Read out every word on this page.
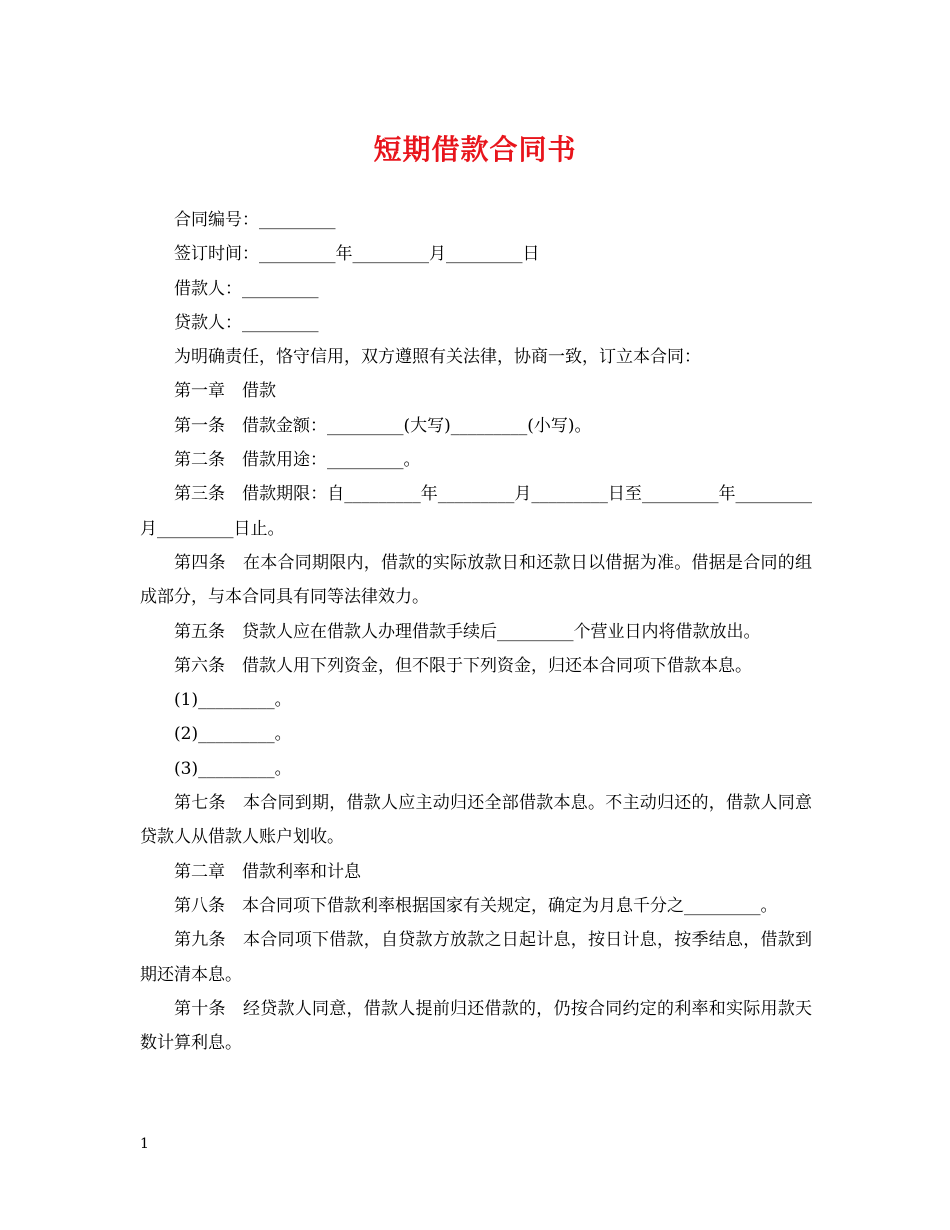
短期借款合同书

合同编号：_________

签订时间：_________年_________月_________日

借款人：_________

贷款人：_________

为明确责任，恪守信用，双方遵照有关法律，协商一致，订立本合同：

第一章　借款

第一条　借款金额：_________(大写)_________(小写)。

第二条　借款用途：_________。

第三条　借款期限：自_________年_________月_________日至_________年_________月_________日止。

第四条　在本合同期限内，借款的实际放款日和还款日以借据为准。借据是合同的组成部分，与本合同具有同等法律效力。

第五条　贷款人应在借款人办理借款手续后_________个营业日内将借款放出。

第六条　借款人用下列资金，但不限于下列资金，归还本合同项下借款本息。

(1)_________。

(2)_________。

(3)_________。

第七条　本合同到期，借款人应主动归还全部借款本息。不主动归还的，借款人同意贷款人从借款人账户划收。

第二章　借款利率和计息

第八条　本合同项下借款利率根据国家有关规定，确定为月息千分之_________。

第九条　本合同项下借款，自贷款方放款之日起计息，按日计息，按季结息，借款到期还清本息。

第十条　经贷款人同意，借款人提前归还借款的，仍按合同约定的利率和实际用款天数计算利息。

1
